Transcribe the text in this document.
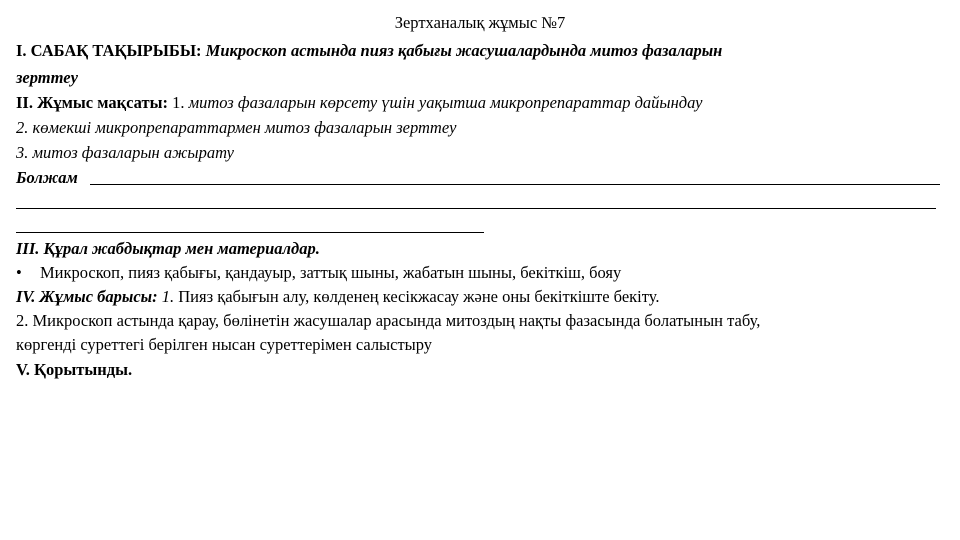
Зертханалық жұмыс №7
І. САБАҚ ТАҚЫРЫБЫ: Микроскоп астында пияз қабығы жасушалардында митоз фазаларын
зерттеу
ІІ. Жұмыс мақсаты: 1. митоз фазаларын көрсету үшін уақытша микропрепараттар дайындау
2. көмекші микропрепараттармен митоз фазаларын зерттеу
3. митоз фазаларын ажырату
Болжам
ІІІ. Құрал жабдықтар мен материалдар.
• Микроскоп, пияз қабығы, қандауыр, заттық шыны, жабатын шыны, бекіткіш, бояу
ІV. Жұмыс барысы: 1. Пияз қабығын алу, көлденең кесікжасау және оны бекіткіште бекіту.
2. Микроскоп астында қарау, бөлінетін жасушалар арасында митоздың нақты фазасында болатынын табу,
көргенді суреттегі берілген нысан суреттерімен салыстыру
V. Қорытынды.
